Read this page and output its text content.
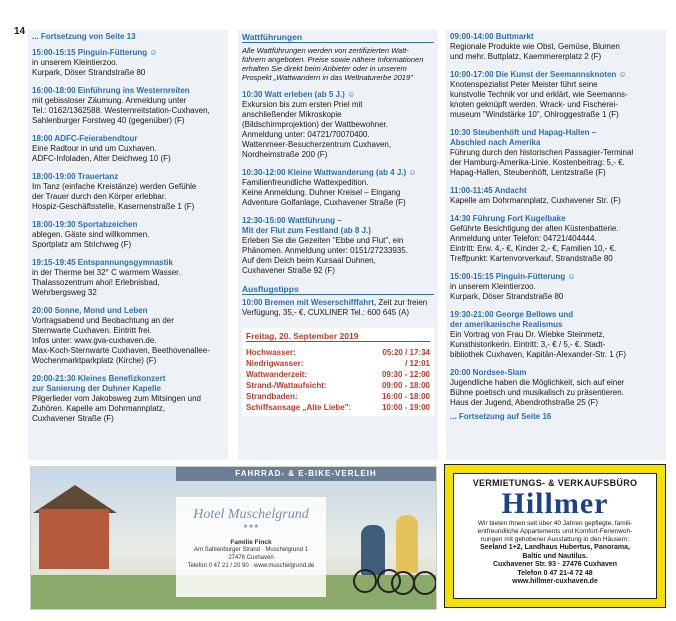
14 ... Fortsetzung von Seite 13
15:00-15:15 Pinguin-Fütterung ☺
in unserem Kleintierzoo.
Kurpark, Döser Strandstraße 80
16:00-18:00 Einführung ins Westernreiten
mit gebissloser Zäumung. Anmeldung unter
Tel.: 0162/1362588. Westernreitstation-Cuxhaven,
Sahlenburger Forstweg 40 (gegenüber) (F)
18:00 ADFC-Feierabendtour
Eine Radtour in und um Cuxhaven.
ADFC-Infoladen, Alter Deichweg 10 (F)
18:00-19:00 Trauertanz
Im Tanz (einfache Kreistänze) werden Gefühle
der Trauer durch den Körper erlebbar.
Hospiz-Geschäftsstelle, Kasernenstraße 1 (F)
18:00-19:30 Sportabzeichen
ablegen. Gäste sind willkommen.
Sportplatz am Strichweg (F)
19:15-19:45 Entspannungsgymnastik
in der Therme bei 32° C warmem Wasser.
Thalassozentrum ahoi! Erlebnisbad,
Wehrbergsweg 32
20:00 Sonne, Mond und Leben
Vortragsabend und Beobachtung an der
Sternwarte Cuxhaven. Eintritt frei.
Infos unter: www.gva-cuxhaven.de.
Max-Koch-Sternwarte Cuxhaven, Beethovenallee-
Wochenmarktparkplatz (Kirche) (F)
20:00-21:30 Kleines Benefizkonzert
zur Sanierung der Duhner Kapelle
Pilgerlieder vom Jakobsweg zum Mitsingen und
Zuhören. Kapelle am Dohrmannplatz,
Cuxhavener Straße (F)
Wattführungen
Alle Wattführungen werden von zertifizierten Watt-
führern angeboten. Preise sowie nähere Informationen
erhalten Sie direkt beim Anbieter oder in unserem
Prospekt „Wattwandern in das Weltnaturerbe 2019"
10:30 Watt erleben (ab 5 J.) ☺
Exkursion bis zum ersten Priel mit
anschließender Mikroskopie
(Bildschirmprojektion) der Wattbewohner.
Anmeldung unter: 04721/70070400.
Wattenmeer-Besucherzentrum Cuxhaven,
Nordheimstraße 200 (F)
10:30-12:00 Kleine Wattwanderung (ab 4 J.) ☺
Familienfreundliche Wattexpedition.
Keine Anmeldung. Duhner Kreisel – Eingang
Adventure Golfanlage, Cuxhavener Straße (F)
12:30-15:00 Wattführung –
Mit der Flut zum Festland (ab 8 J.)
Erleben Sie die Gezeiten "Ebbe und Flut", ein
Phänomen. Anmeldung unter: 0151/27233935.
Auf dem Deich beim Kursaal Duhnen,
Cuxhavener Straße 92 (F)
Ausflugstipps
10:00 Bremen mit Weserschifffahrt, Zeit zur freien
Verfügung, 35,- €, CUXLINER Tel.: 600 645 (A)
Freitag, 20. September 2019
Hochwasser:	05:20 / 17:34
Niedrigwasser:	/ 12:01
Wattwanderzeit:	09:30 - 12:00
Strand-/Wattaufsicht:	09:00 - 18:00
Strandbaden:	16:00 - 18:00
Schiffsansage „Alte Liebe":	10:00 - 19:00
09:00-14:00 Buttmarkt
Regionale Produkte wie Obst, Gemüse, Blumen
und mehr. Buttplatz, Kaemmererplatz 2 (F)
10:00-17:00 Die Kunst der Seemannsknoten ☺
Knotenspezialist Peter Meister führt seine
kunstvolle Technik vor und erklärt, wie Seemanns-
knoten geknüpft werden. Wrack- und Fischerei-
museum "Windstärke 10", Ohlroggestraße 1 (F)
10:30 Steubenhöft und Hapag-Hallen –
Abschied nach Amerika
Führung durch den historischen Passagier-Terminal
der Hamburg-Amerika-Linie. Kostenbeitrag: 5,- €.
Hapag-Hallen, Steubenhöft, Lentzstraße (F)
11:00-11:45 Andacht
Kapelle am Dohrmannplatz, Cuxhavener Str. (F)
14:30 Führung Fort Kugelbake
Geführte Besichtigung der alten Küstenbatterie.
Anmeldung unter Telefon: 04721/404444.
Eintritt: Erw. 4,- €, Kinder 2,- €, Familien 10,- €.
Treffpunkt: Kartenvorverkauf, Strandstraße 80
15:00-15:15 Pinguin-Fütterung ☺
in unserem Kleintierzoo.
Kurpark, Döser Strandstraße 80
19:30-21:00 George Bellows und
der amerikanische Realismus
Ein Vortrag von Frau Dr. Wiebke Steinmetz,
Kunsthistorikerin. Eintritt: 3,- € / 5,- €. Stadt-
bibliothek Cuxhaven, Kapitän-Alexander-Str. 1 (F)
20:00 Nordsee-Slam
Jugendliche haben die Möglichkeit, sich auf einer
Bühne poetisch und musikalisch zu präsentieren.
Haus der Jugend, Abendrothstraße 25 (F)
... Fortsetzung auf Seite 16
FAHRRAD- & E-BIKE-VERLEIH
Hotel Muschelgrund
★★★
Familie Finck
Am Sahlenburger Strand · Muschelgrund 1
27476 Cuxhaven
Telefon 0 47 21 / 20 90 · www.muschelgrund.de
VERMIETUNGS- & VERKAUFSBÜRO
Hillmer
Wir bieten Ihnen seit über 40 Jahren gepflegte, famili-
entfreundliche Appartements und Komfort-Ferienwoh-
nungen mit gehobener Ausstattung in den Häusern:
Seeland 1+2, Landhaus Hubertus, Panorama,
Baltic und Nautilus.
Cuxhavener Str. 93 · 27476 Cuxhaven
Telefon 0 47 21-4 72 48
www.hillmer-cuxhaven.de
